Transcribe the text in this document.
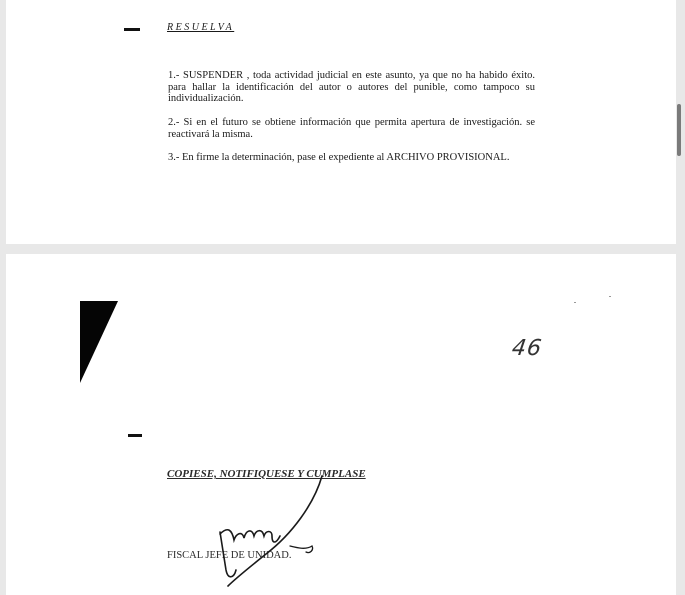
RESUELVA
1.- SUSPENDER , toda actividad judicial en este asunto, ya que no ha habido éxito. para hallar la identificación del autor o autores del punible, como tampoco su individualización.
2.- Si en el futuro se obtiene información que permita apertura de investigación. se reactivará la misma.
3.- En firme la determinación, pase el expediente al ARCHIVO PROVISIONAL.
46
COPIESE, NOTIFIQUESE Y CUMPLASE
FISCAL JEFE DE UNIDAD.
